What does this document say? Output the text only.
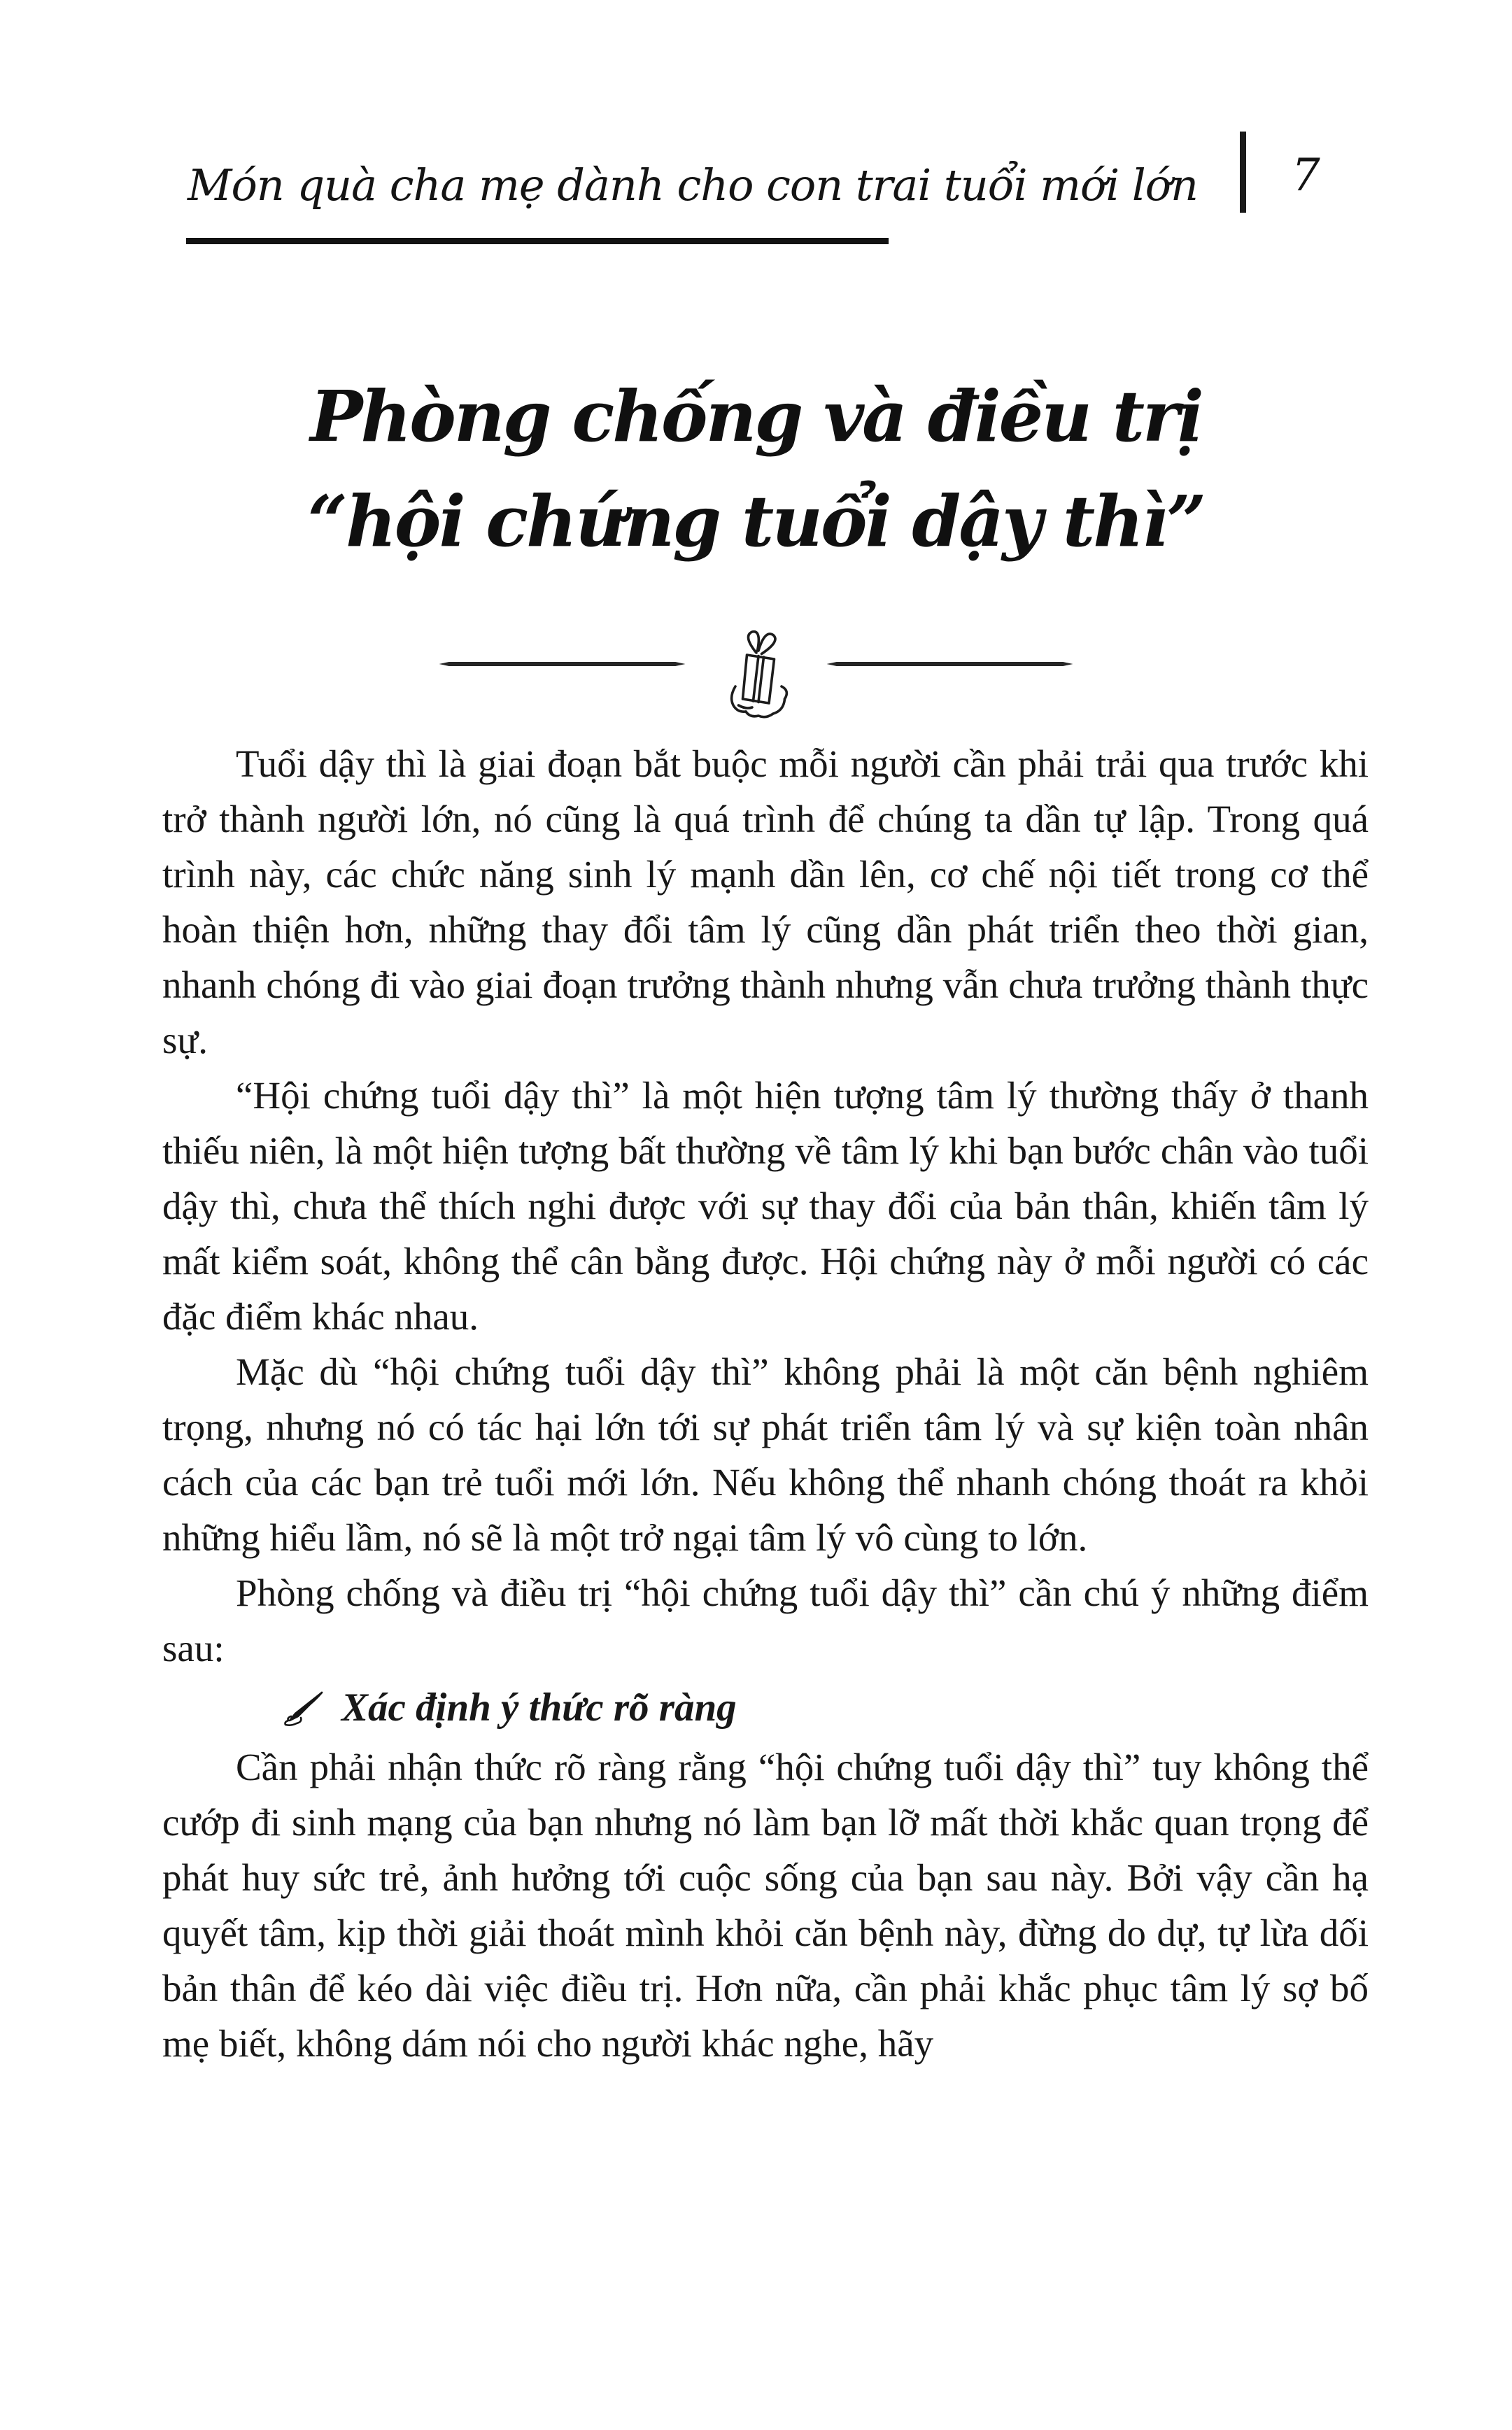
Món quà cha mẹ dành cho con trai tuổi mới lớn 7
Phòng chống và điều trị
“hội chứng tuổi dậy thì”

Tuổi dậy thì là giai đoạn bắt buộc mỗi người cần phải trải qua trước khi trở thành người lớn, nó cũng là quá trình để chúng ta dần tự lập. Trong quá trình này, các chức năng sinh lý mạnh dần lên, cơ chế nội tiết trong cơ thể hoàn thiện hơn, những thay đổi tâm lý cũng dần phát triển theo thời gian, nhanh chóng đi vào giai đoạn trưởng thành nhưng vẫn chưa trưởng thành thực sự.

“Hội chứng tuổi dậy thì” là một hiện tượng tâm lý thường thấy ở thanh thiếu niên, là một hiện tượng bất thường về tâm lý khi bạn bước chân vào tuổi dậy thì, chưa thể thích nghi được với sự thay đổi của bản thân, khiến tâm lý mất kiểm soát, không thể cân bằng được. Hội chứng này ở mỗi người có các đặc điểm khác nhau.

Mặc dù “hội chứng tuổi dậy thì” không phải là một căn bệnh nghiêm trọng, nhưng nó có tác hại lớn tới sự phát triển tâm lý và sự kiện toàn nhân cách của các bạn trẻ tuổi mới lớn. Nếu không thể nhanh chóng thoát ra khỏi những hiểu lầm, nó sẽ là một trở ngại tâm lý vô cùng to lớn.

Phòng chống và điều trị “hội chứng tuổi dậy thì” cần chú ý những điểm sau:

Xác định ý thức rõ ràng

Cần phải nhận thức rõ ràng rằng “hội chứng tuổi dậy thì” tuy không thể cướp đi sinh mạng của bạn nhưng nó làm bạn lỡ mất thời khắc quan trọng để phát huy sức trẻ, ảnh hưởng tới cuộc sống của bạn sau này. Bởi vậy cần hạ quyết tâm, kịp thời giải thoát mình khỏi căn bệnh này, đừng do dự, tự lừa dối bản thân để kéo dài việc điều trị. Hơn nữa, cần phải khắc phục tâm lý sợ bố mẹ biết, không dám nói cho người khác nghe, hãy
